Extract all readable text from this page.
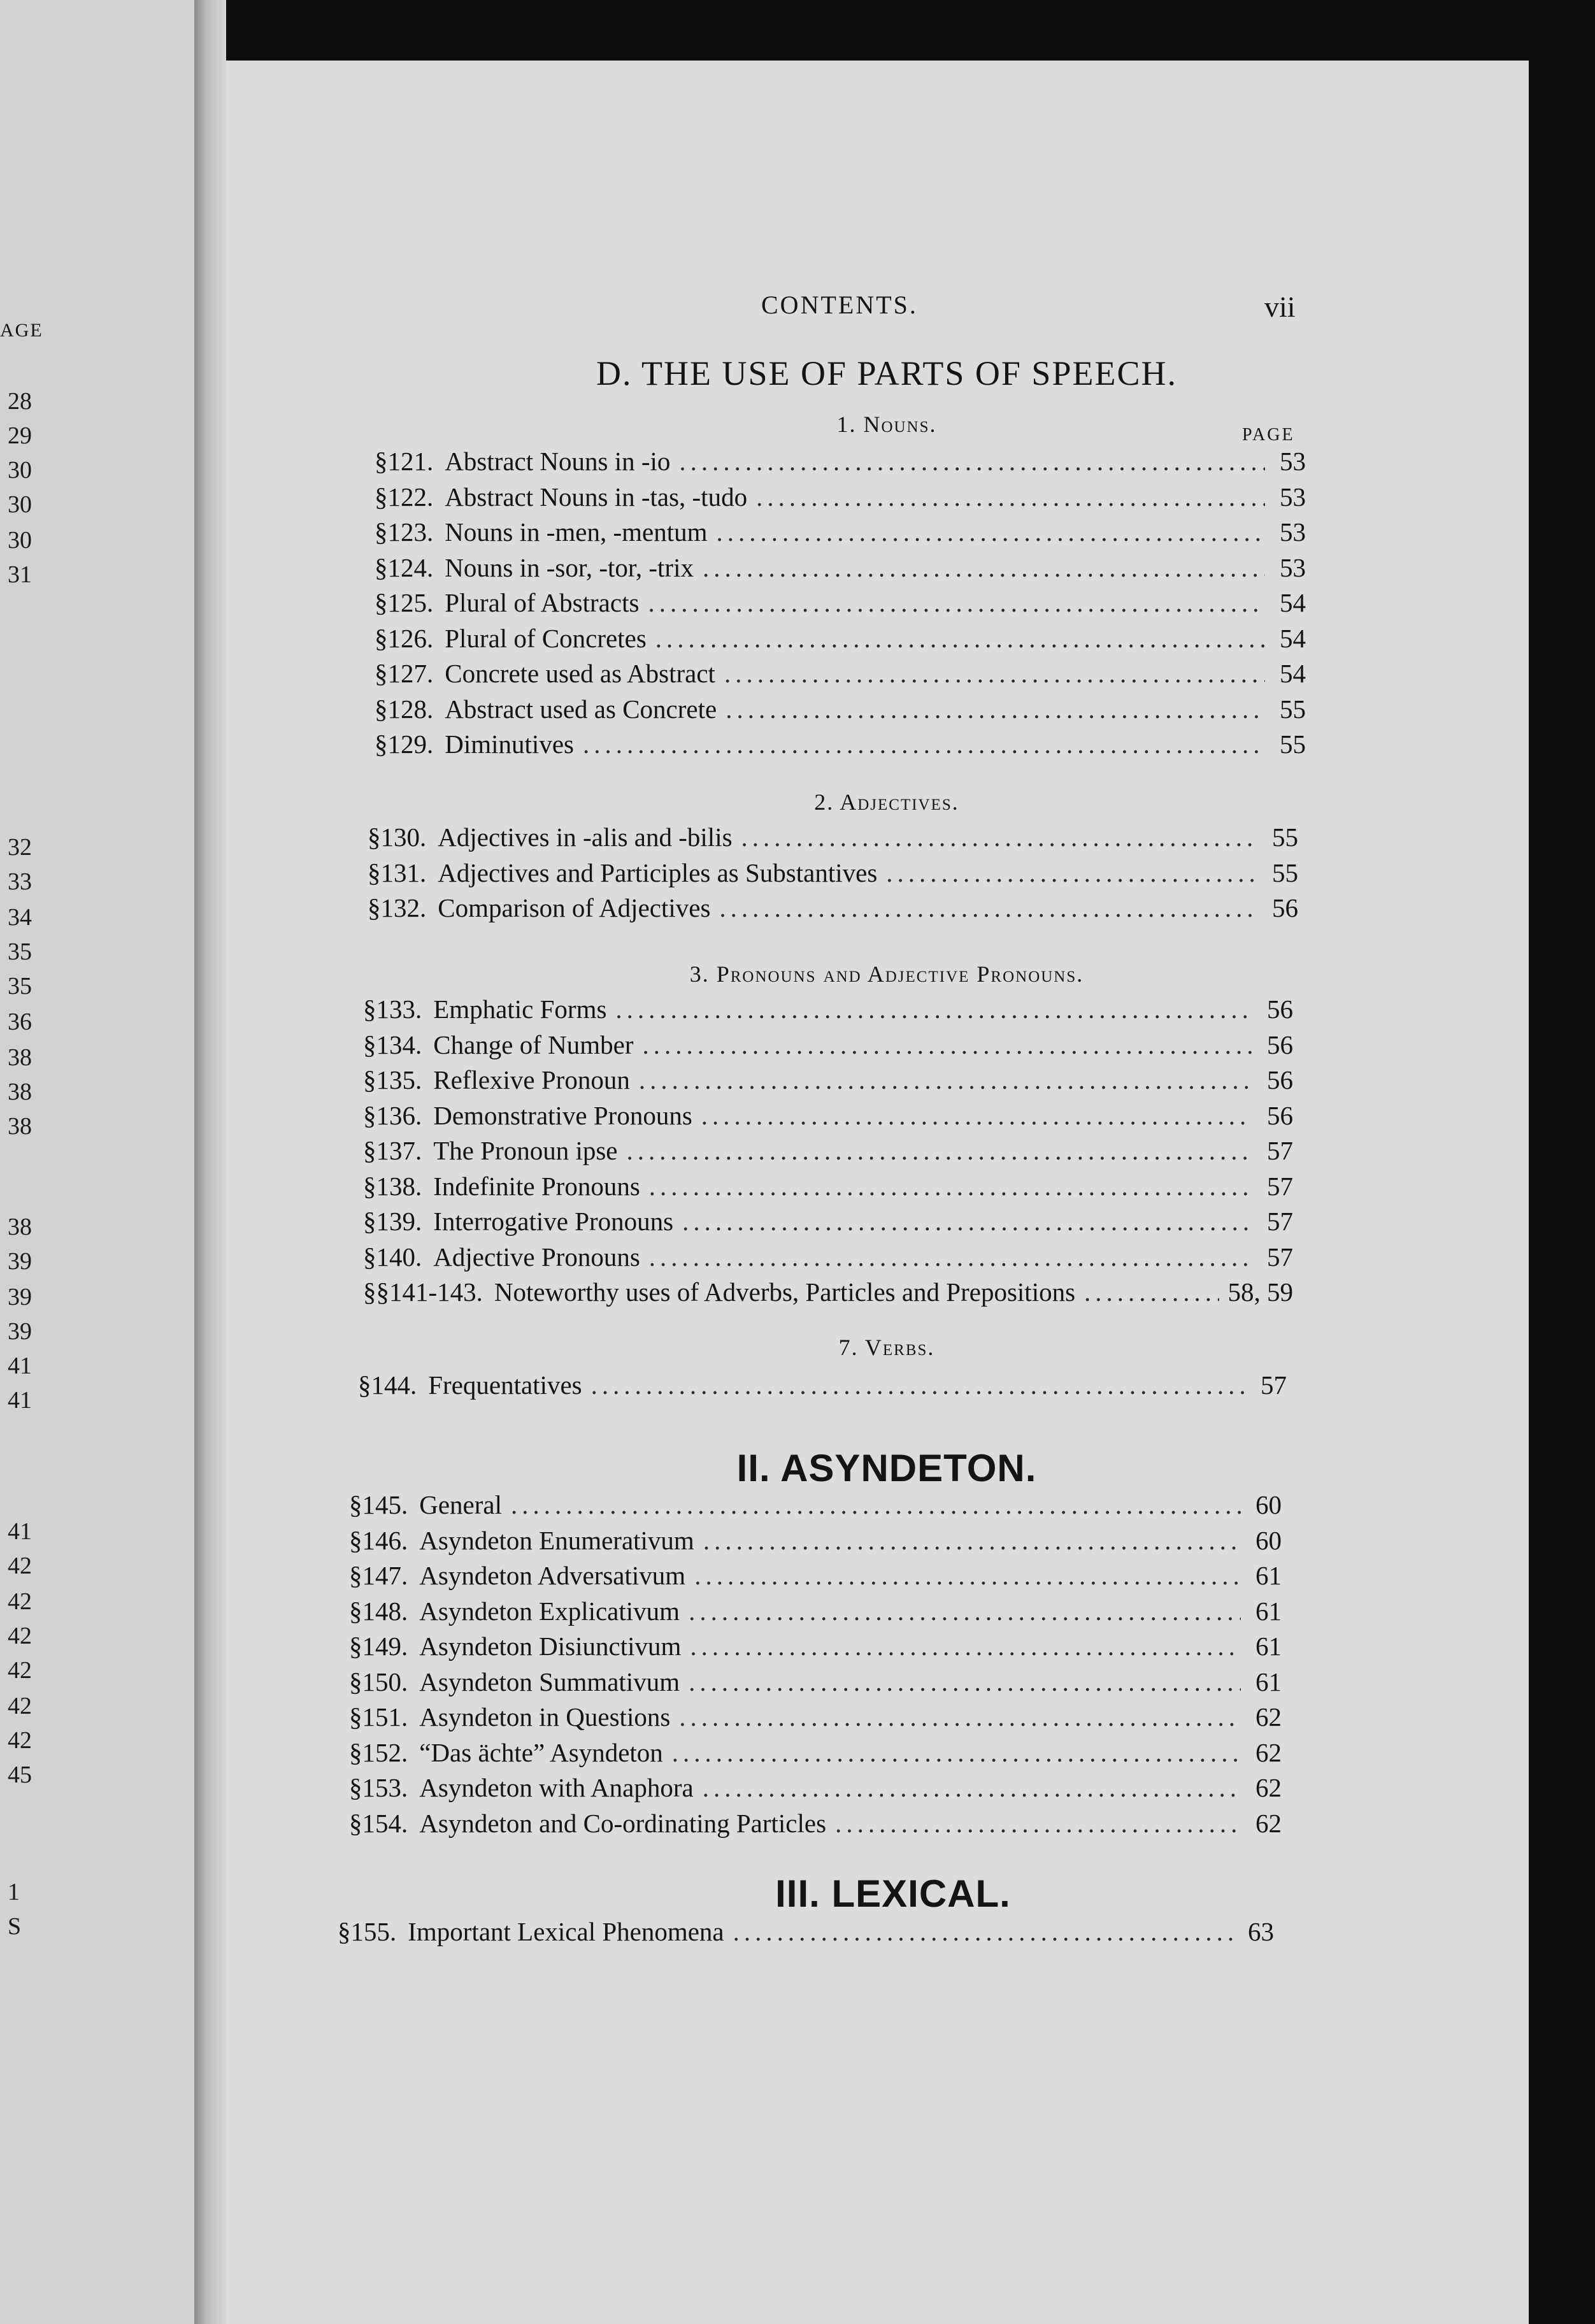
AGE
28
29
30
30
30
31
32
33
34
35
35
36
38
38
38
38
39
39
39
41
41
41
42
42
42
42
42
42
45
1
S
CONTENTS.	vii
D. THE USE OF PARTS OF SPEECH.
1. Nouns.	PAGE
§121. Abstract Nouns in -io .....	53
§122. Abstract Nouns in -tas, -tudo .....	53
§123. Nouns in -men, -mentum .....	53
§124. Nouns in -sor, -tor, -trix .....	53
§125. Plural of Abstracts .....	54
§126. Plural of Concretes .....	54
§127. Concrete used as Abstract .....	54
§128. Abstract used as Concrete .....	55
§129. Diminutives .....	55
§130. Adjectives in -alis and -bilis .....	55
§131. Adjectives and Participles as Substantives .....	55
§132. Comparison of Adjectives .....	56
§133. Emphatic Forms .....	56
§134. Change of Number .....	56
§135. Reflexive Pronoun .....	56
§136. Demonstrative Pronouns .....	56
§137. The Pronoun ipse .....	57
§138. Indefinite Pronouns .....	57
§139. Interrogative Pronouns .....	57
§140. Adjective Pronouns .....	57
§§141-143. Noteworthy uses of Adverbs, Particles and Prepositions .....	58, 59
§144. Frequentatives .....	57
§145. General .....	60
§146. Asyndeton Enumerativum .....	60
§147. Asyndeton Adversativum .....	61
§148. Asyndeton Explicativum .....	61
§149. Asyndeton Disiunctivum .....	61
§150. Asyndeton Summativum .....	61
§151. Asyndeton in Questions .....	62
§152. “Das ächte” Asyndeton .....	62
§153. Asyndeton with Anaphora .....	62
§154. Asyndeton and Co-ordinating Particles .....	62
§155. Important Lexical Phenomena .....	63
2. Adjectives.
3. Pronouns and Adjective Pronouns.
7. Verbs.
II. ASYNDETON.
III. LEXICAL.
